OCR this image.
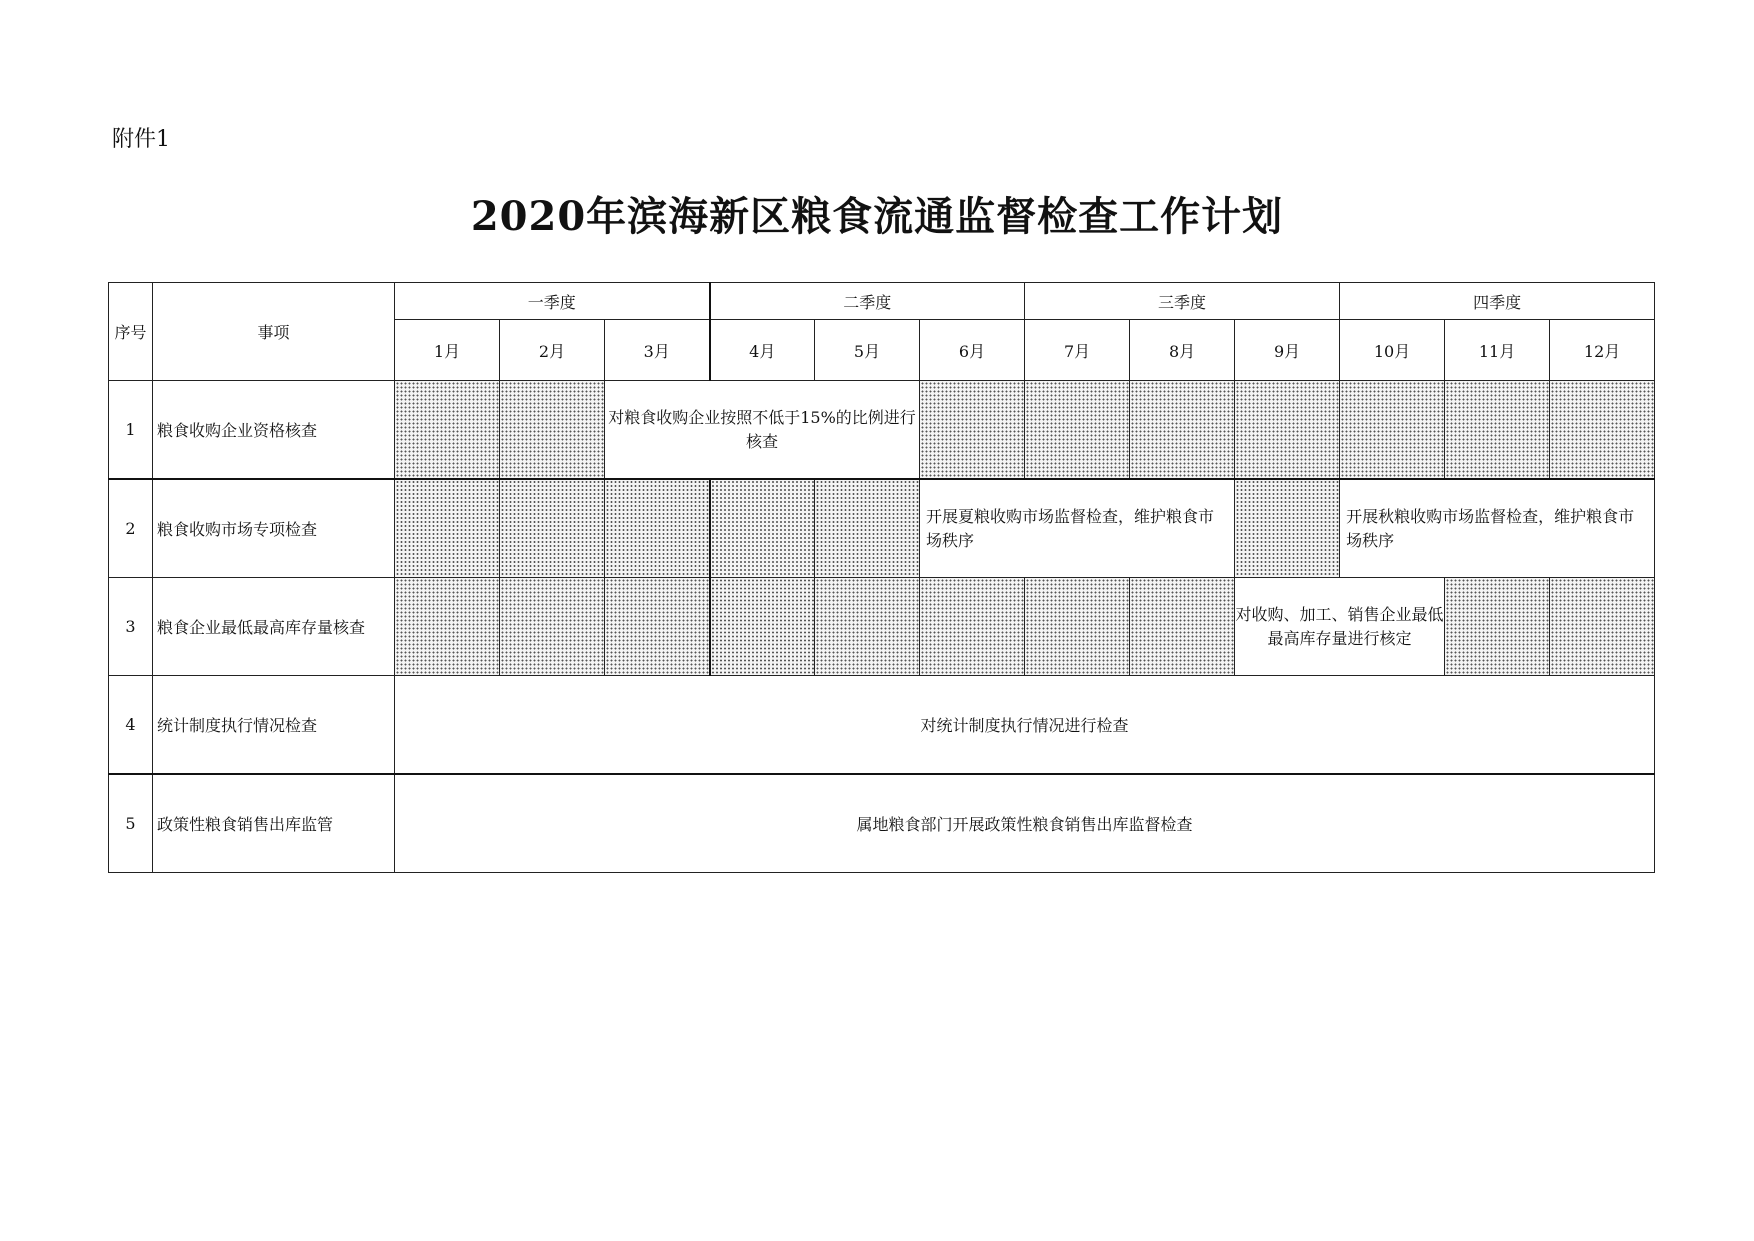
附件1
2020年滨海新区粮食流通监督检查工作计划
序号	事项	一季度			二季度			三季度			四季度		
		1月	2月	3月	4月	5月	6月	7月	8月	9月	10月	11月	12月
1	粮食收购企业资格核查			对粮食收购企业按照不低于15%的比例进行核查									
2	粮食收购市场专项检查						开展夏粮收购市场监督检查，维护粮食市场秩序				开展秋粮收购市场监督检查，维护粮食市场秩序		
3	粮食企业最低最高库存量核查									对收购、加工、销售企业最低最高库存量进行核定			
4	统计制度执行情况检查	对统计制度执行情况进行检查											
5	政策性粮食销售出库监管	属地粮食部门开展政策性粮食销售出库监督检查											
